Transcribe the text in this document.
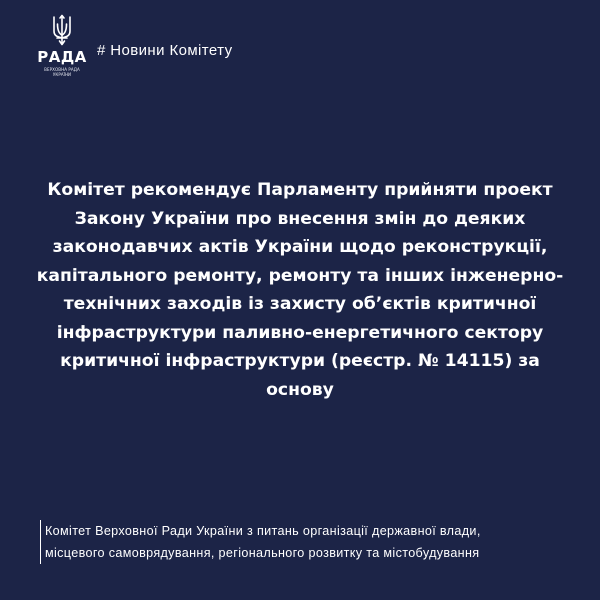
РАДА
ВЕРХОВНА РАДА
УКРАЇНИ
# Новини Комітету
Комітет рекомендує Парламенту прийняти проект Закону України про внесення змін до деяких законодавчих актів України щодо реконструкції, капітального ремонту, ремонту та інших інженерно-технічних заходів із захисту об’єктів критичної інфраструктури паливно-енергетичного сектору критичної інфраструктури (реєстр. № 14115) за основу
Комітет Верховної Ради України з питань організації державної влади,
місцевого самоврядування, регіонального розвитку та містобудування
